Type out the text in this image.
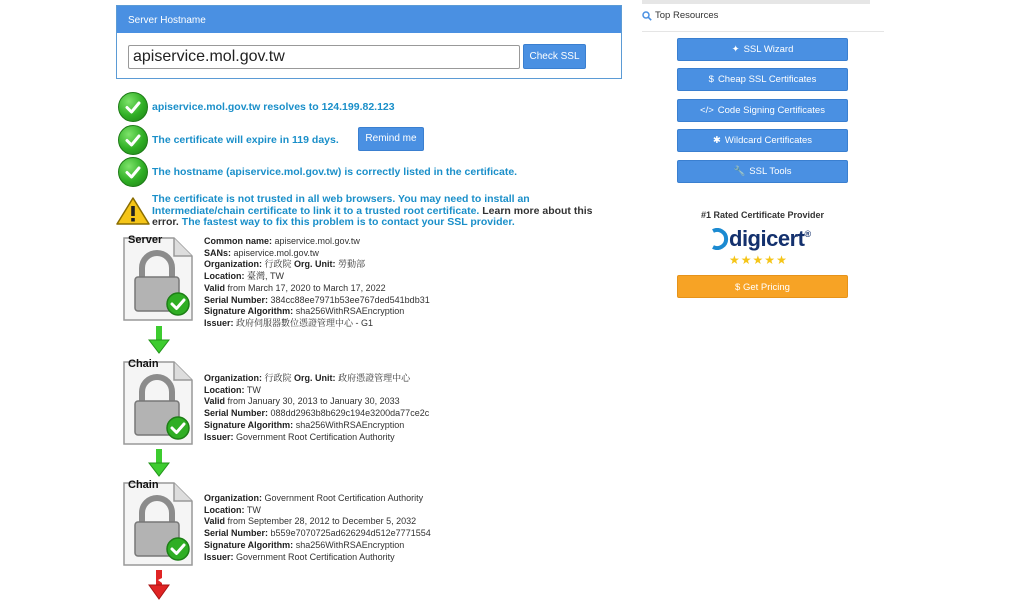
Server Hostname
apiservice.mol.gov.tw
Check SSL
apiservice.mol.gov.tw resolves to 124.199.82.123
The certificate will expire in 119 days.	Remind me
The hostname (apiservice.mol.gov.tw) is correctly listed in the certificate.
The certificate is not trusted in all web browsers. You may need to install an Intermediate/chain certificate to link it to a trusted root certificate. Learn more about this error. The fastest way to fix this problem is to contact your SSL provider.
Server	Common name: apiservice.mol.gov.tw
SANs: apiservice.mol.gov.tw
Organization: 行政院 Org. Unit: 勞動部
Location: 臺灣, TW
Valid from March 17, 2020 to March 17, 2022
Serial Number: 384cc88ee7971b53ee767ded541bdb31
Signature Algorithm: sha256WithRSAEncryption
Issuer: 政府伺服器數位憑證管理中心 - G1
Chain
Organization: 行政院 Org. Unit: 政府憑證管理中心
Location: TW
Valid from January 30, 2013 to January 30, 2033
Serial Number: 088dd2963b8b629c194e3200da77ce2c
Signature Algorithm: sha256WithRSAEncryption
Issuer: Government Root Certification Authority
Chain
Organization: Government Root Certification Authority
Location: TW
Valid from September 28, 2012 to December 5, 2032
Serial Number: b559e7070725ad626294d512e7771554
Signature Algorithm: sha256WithRSAEncryption
Issuer: Government Root Certification Authority
Top Resources
✦ SSL Wizard
$ Cheap SSL Certificates
</> Code Signing Certificates
✱ Wildcard Certificates
🔧 SSL Tools
#1 Rated Certificate Provider
digicert ®
★★★★★
$ Get Pricing
